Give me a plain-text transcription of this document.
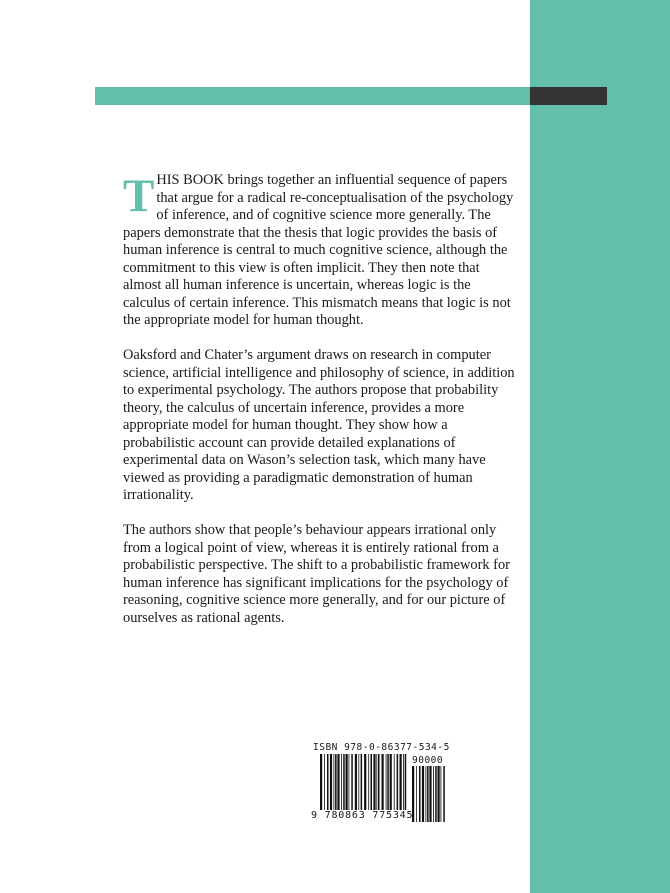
THIS BOOK brings together an influential sequence of papers that argue for a radical re-conceptualisation of the psychology of inference, and of cognitive science more generally. The papers demonstrate that the thesis that logic provides the basis of human inference is central to much cognitive science, although the commitment to this view is often implicit. They then note that almost all human inference is uncertain, whereas logic is the calculus of certain inference. This mismatch means that logic is not the appropriate model for human thought.

Oaksford and Chater’s argument draws on research in computer science, artificial intelligence and philosophy of science, in addition to experimental psychology. The authors propose that probability theory, the calculus of uncertain inference, provides a more appropriate model for human thought. They show how a probabilistic account can provide detailed explanations of experimental data on Wason’s selection task, which many have viewed as providing a paradigmatic demonstration of human irrationality.

The authors show that people’s behaviour appears irrational only from a logical point of view, whereas it is entirely rational from a probabilistic perspective. The shift to a probabilistic framework for human inference has significant implications for the psychology of reasoning, cognitive science more generally, and for our picture of ourselves as rational agents.

ISBN 978-0-86377-534-5
90000
9 780863 775345
